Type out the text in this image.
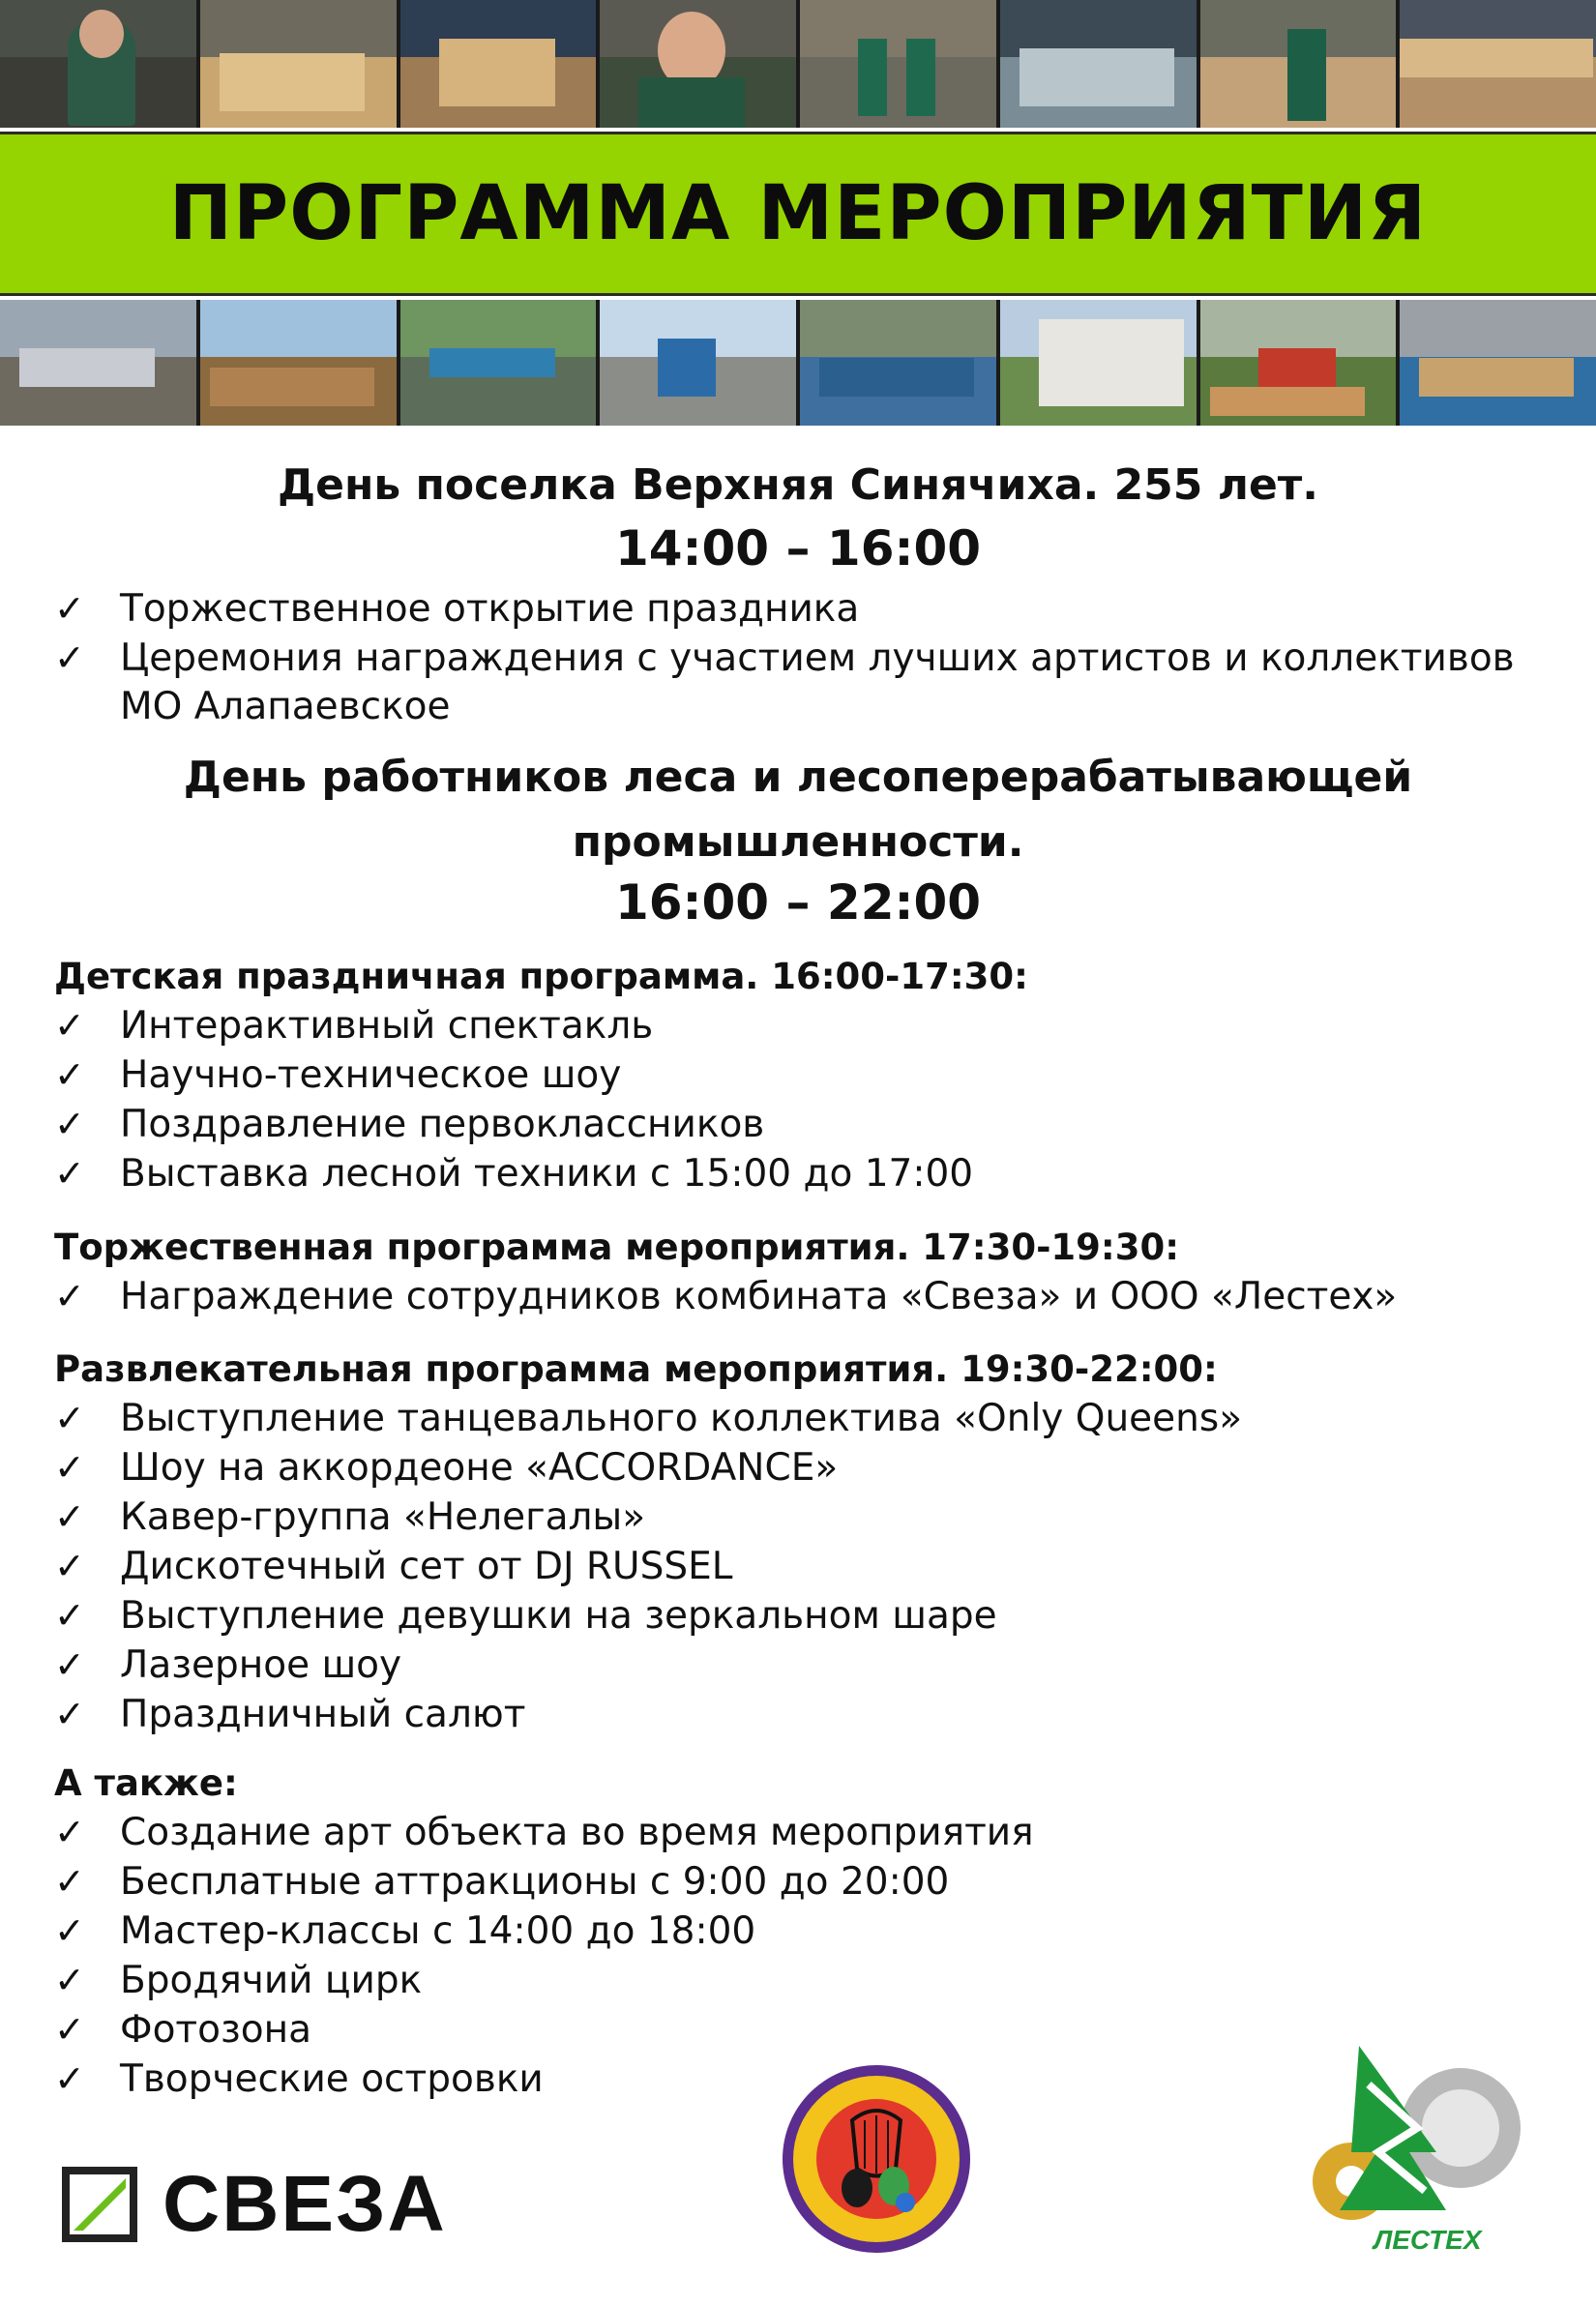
ПРОГРАММА МЕРОПРИЯТИЯ
День поселка Верхняя Синячиха. 255 лет.
14:00 – 16:00
✓ Торжественное открытие праздника
✓ Церемония награждения с участием лучших артистов и коллективов
МО Алапаевское
День работников леса и лесоперерабатывающей
промышленности.
16:00 – 22:00
Детская праздничная программа. 16:00-17:30:
✓ Интерактивный спектакль
✓ Научно-техническое шоу
✓ Поздравление первоклассников
✓ Выставка лесной техники с 15:00 до 17:00
Торжественная программа мероприятия. 17:30-19:30:
✓ Награждение сотрудников комбината «Свеза» и ООО «Лестех»
Развлекательная программа мероприятия. 19:30-22:00:
✓ Выступление танцевального коллектива «Only Queens»
✓ Шоу на аккордеоне «ACCORDANCE»
✓ Кавер-группа «Нелегалы»
✓ Дискотечный сет от DJ RUSSEL
✓ Выступление девушки на зеркальном шаре
✓ Лазерное шоу
✓ Праздничный салют
А также:
✓ Создание арт объекта во время мероприятия
✓ Бесплатные аттракционы с 9:00 до 20:00
✓ Мастер-классы с 14:00 до 18:00
✓ Бродячий цирк
✓ Фотозона
✓ Творческие островки
СВЕЗА	ЛЕСТЕХ
